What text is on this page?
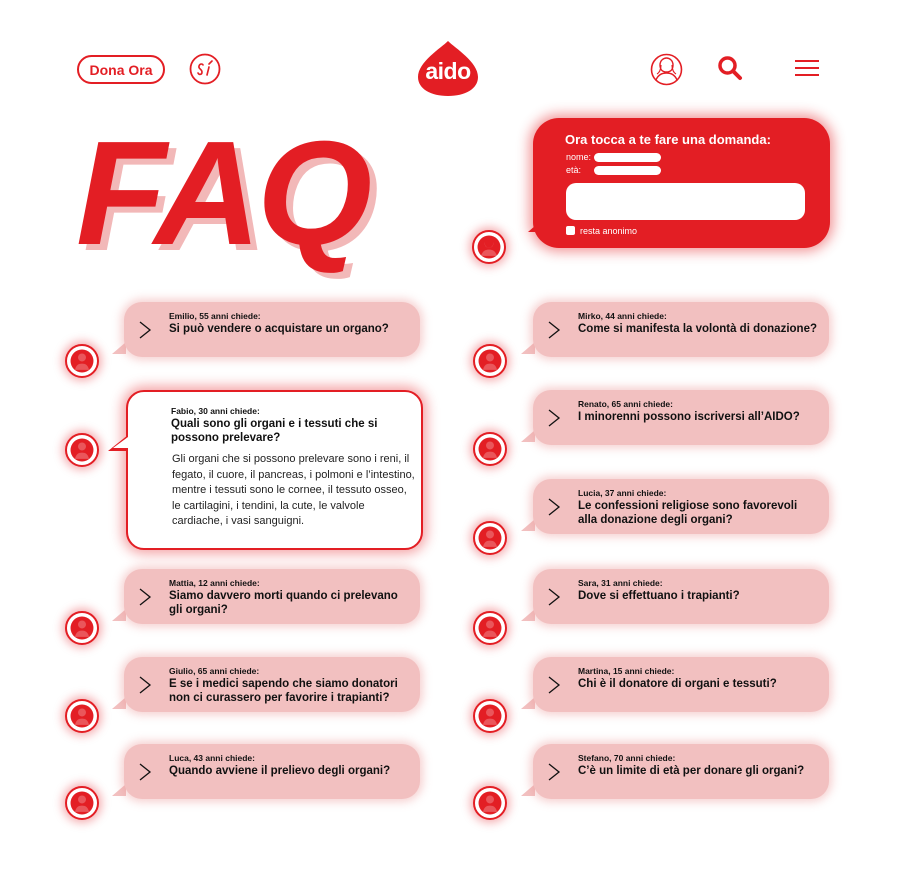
Dona Ora	aido
FAQ	Ora tocca a te fare una domanda:
nome:
età:
resta anonimo
Emilio, 55 anni chiede:
Si può vendere o acquistare un organo?
Fabio, 30 anni chiede:
Quali sono gli organi e i tessuti che si possono prelevare?
Gli organi che si possono prelevare sono i reni, il fegato, il cuore, il pancreas, i polmoni e l’intestino, mentre i tessuti sono le cornee, il tessuto osseo, le cartilagini, i tendini, la cute, le valvole cardiache, i vasi sanguigni.
Mattia, 12 anni chiede:
Siamo davvero morti quando ci prelevano gli organi?
Giulio, 65 anni chiede:
E se i medici sapendo che siamo donatori non ci curassero per favorire i trapianti?
Luca, 43 anni chiede:
Quando avviene il prelievo degli organi?
Mirko, 44 anni chiede:
Come si manifesta la volontà di donazione?
Renato, 65 anni chiede:
I minorenni possono iscriversi all’AIDO?
Lucia, 37 anni chiede:
Le confessioni religiose sono favorevoli alla donazione degli organi?
Sara, 31 anni chiede:
Dove si effettuano i trapianti?
Martina, 15 anni chiede:
Chi è il donatore di organi e tessuti?
Stefano, 70 anni chiede:
C’è un limite di età per donare gli organi?
